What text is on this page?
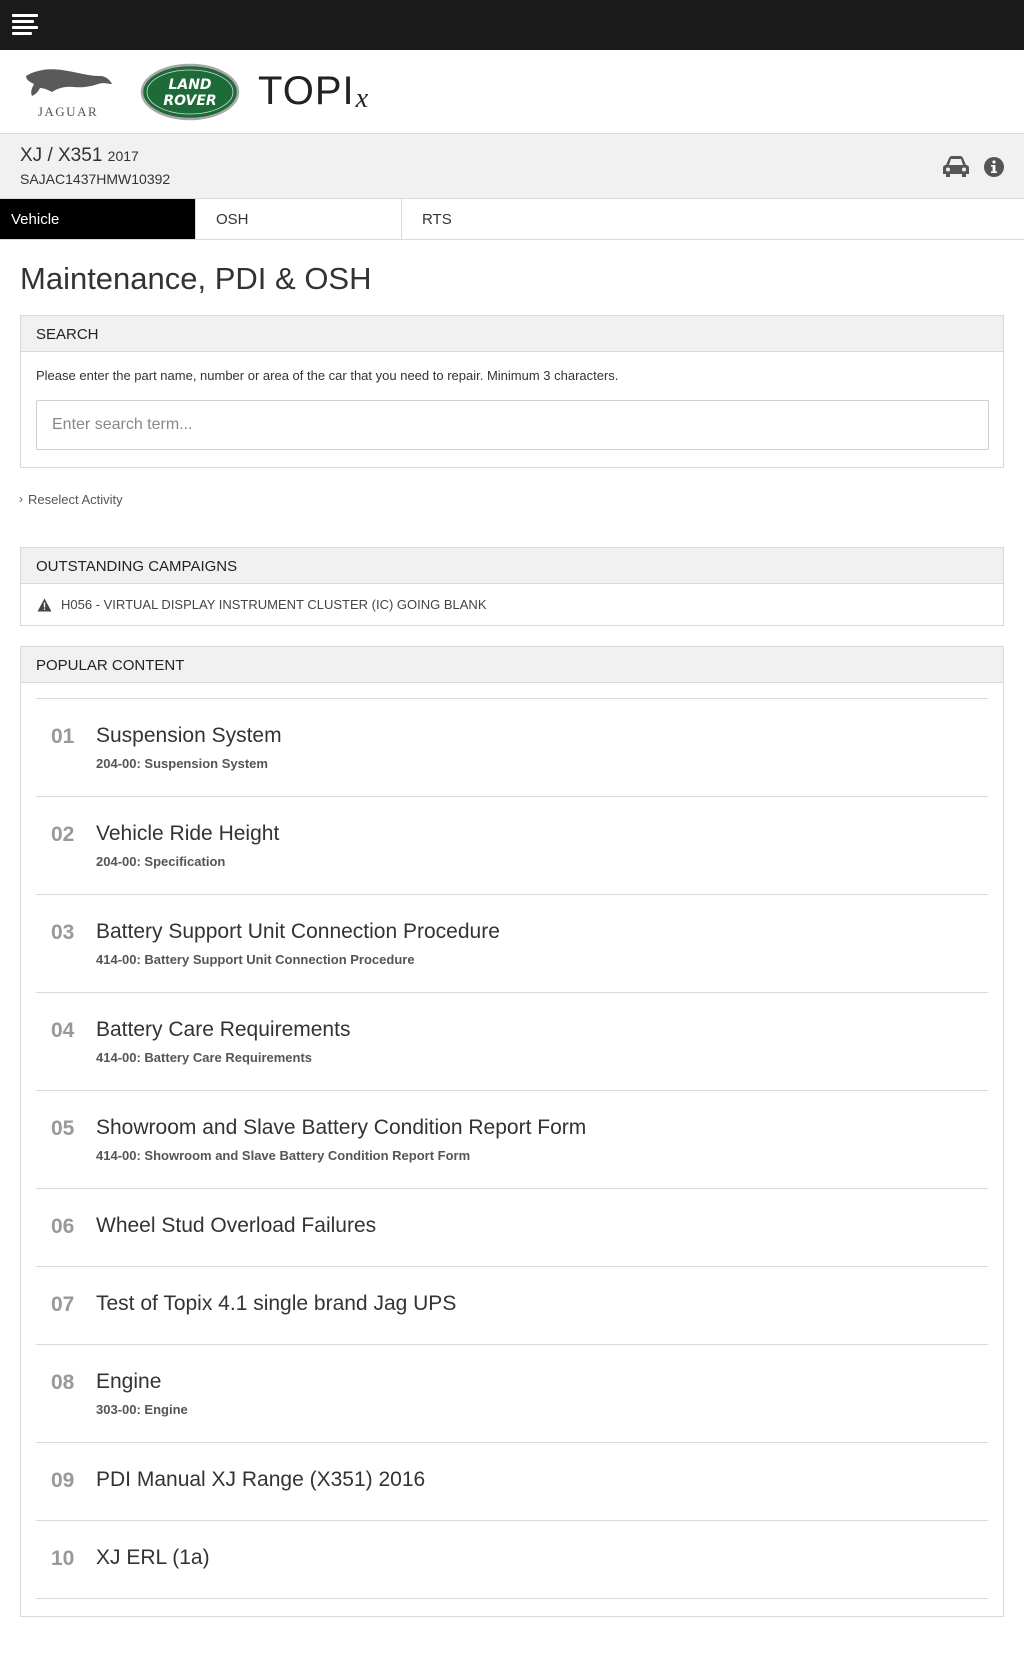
JAGUAR
LAND
ROVER TOPI x
XJ / X351 2017
SAJAC1437HMW10392
Vehicle	OSH	RTS
Maintenance, PDI & OSH
SEARCH
Please enter the part name, number or area of the car that you need to repair. Minimum 3 characters.
Enter search term...
› Reselect Activity
OUTSTANDING CAMPAIGNS
H056 - VIRTUAL DISPLAY INSTRUMENT CLUSTER (IC) GOING BLANK
POPULAR CONTENT
01	Suspension System
204-00: Suspension System
02	Vehicle Ride Height
204-00: Specification
03	Battery Support Unit Connection Procedure
414-00: Battery Support Unit Connection Procedure
04	Battery Care Requirements
414-00: Battery Care Requirements
05	Showroom and Slave Battery Condition Report Form
414-00: Showroom and Slave Battery Condition Report Form
06	Wheel Stud Overload Failures
07	Test of Topix 4.1 single brand Jag UPS
08	Engine
303-00: Engine
09	PDI Manual XJ Range (X351) 2016
10	XJ ERL (1a)
